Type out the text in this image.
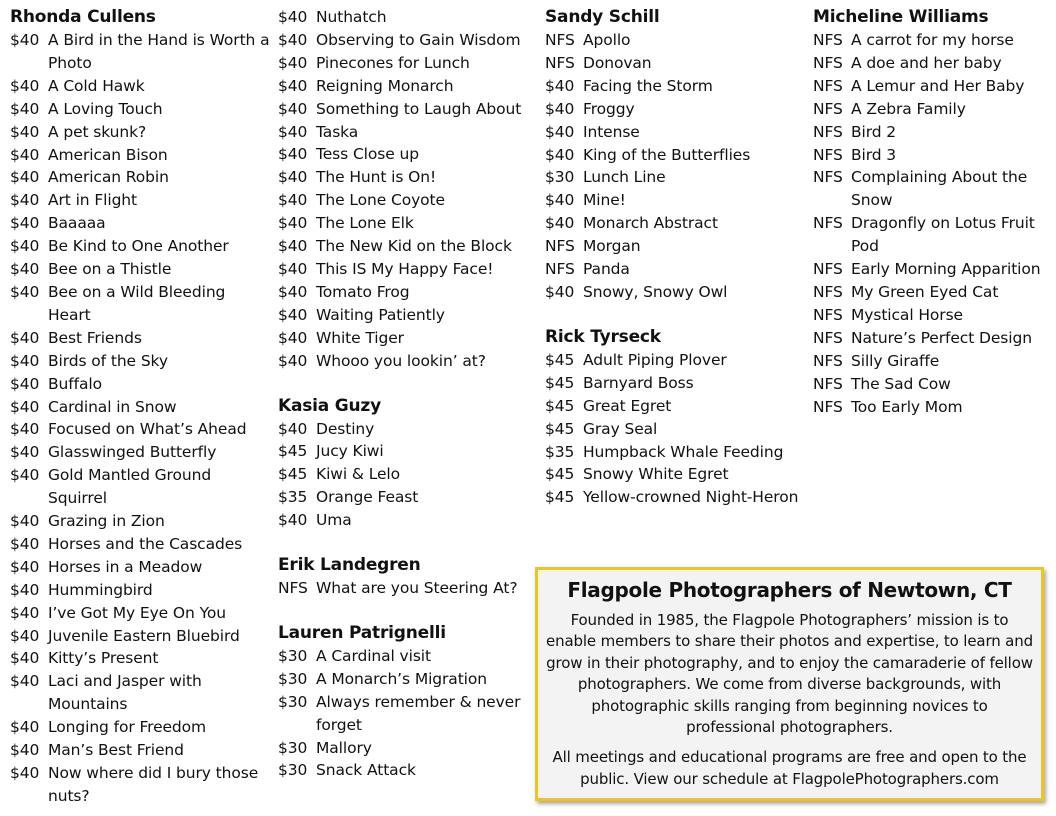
Rhonda Cullens
$40 A Bird in the Hand is Worth a Photo
$40 A Cold Hawk
$40 A Loving Touch
$40 A pet skunk?
$40 American Bison
$40 American Robin
$40 Art in Flight
$40 Baaaaa
$40 Be Kind to One Another
$40 Bee on a Thistle
$40 Bee on a Wild Bleeding Heart
$40 Best Friends
$40 Birds of the Sky
$40 Buffalo
$40 Cardinal in Snow
$40 Focused on What’s Ahead
$40 Glasswinged Butterfly
$40 Gold Mantled Ground Squirrel
$40 Grazing in Zion
$40 Horses and the Cascades
$40 Horses in a Meadow
$40 Hummingbird
$40 I’ve Got My Eye On You
$40 Juvenile Eastern Bluebird
$40 Kitty’s Present
$40 Laci and Jasper with Mountains
$40 Longing for Freedom
$40 Man’s Best Friend
$40 Now where did I bury those nuts?
$40 Nuthatch
$40 Observing to Gain Wisdom
$40 Pinecones for Lunch
$40 Reigning Monarch
$40 Something to Laugh About
$40 Taska
$40 Tess Close up
$40 The Hunt is On!
$40 The Lone Coyote
$40 The Lone Elk
$40 The New Kid on the Block
$40 This IS My Happy Face!
$40 Tomato Frog
$40 Waiting Patiently
$40 White Tiger
$40 Whooo you lookin’ at?
Kasia Guzy
$40 Destiny
$45 Jucy Kiwi
$45 Kiwi & Lelo
$35 Orange Feast
$40 Uma
Erik Landegren
NFS What are you Steering At?
Lauren Patrignelli
$30 A Cardinal visit
$30 A Monarch’s Migration
$30 Always remember & never forget
$30 Mallory
$30 Snack Attack
Sandy Schill
NFS Apollo
NFS Donovan
$40 Facing the Storm
$40 Froggy
$40 Intense
$40 King of the Butterflies
$30 Lunch Line
$40 Mine!
$40 Monarch Abstract
NFS Morgan
NFS Panda
$40 Snowy, Snowy Owl
Rick Tyrseck
$45 Adult Piping Plover
$45 Barnyard Boss
$45 Great Egret
$45 Gray Seal
$35 Humpback Whale Feeding
$45 Snowy White Egret
$45 Yellow-crowned Night-Heron
Micheline Williams
NFS A carrot for my horse
NFS A doe and her baby
NFS A Lemur and Her Baby
NFS A Zebra Family
NFS Bird 2
NFS Bird 3
NFS Complaining About the Snow
NFS Dragonfly on Lotus Fruit Pod
NFS Early Morning Apparition
NFS My Green Eyed Cat
NFS Mystical Horse
NFS Nature’s Perfect Design
NFS Silly Giraffe
NFS The Sad Cow
NFS Too Early Mom
Flagpole Photographers of Newtown, CT
Founded in 1985, the Flagpole Photographers’ mission is to enable members to share their photos and expertise, to learn and grow in their photography, and to enjoy the camaraderie of fellow photographers. We come from diverse backgrounds, with photographic skills ranging from beginning novices to professional photographers.
All meetings and educational programs are free and open to the public. View our schedule at FlagpolePhotographers.com
